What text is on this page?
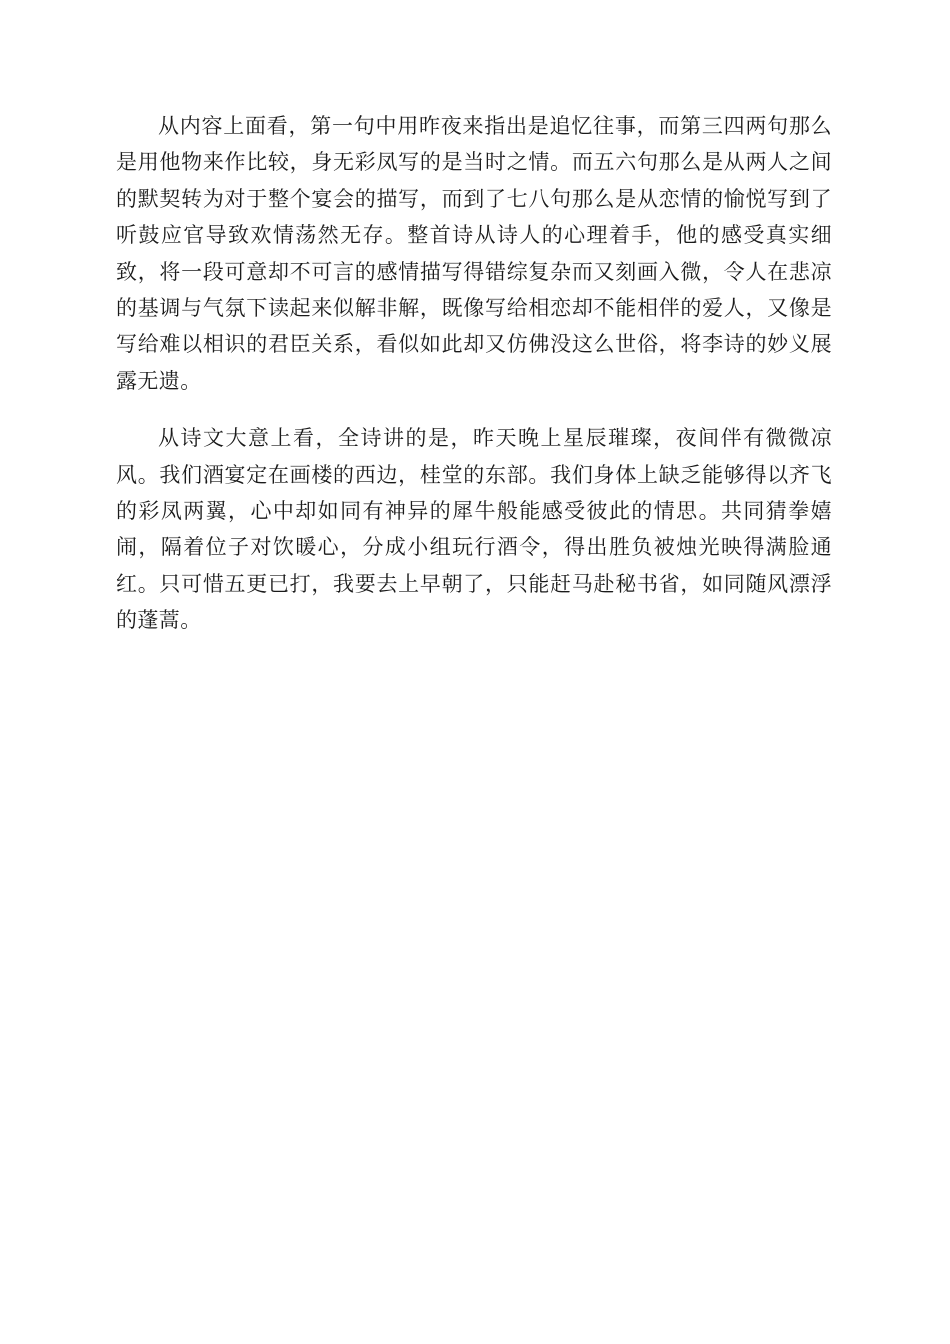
从内容上面看，第一句中用昨夜来指出是追忆往事，而第三四两句那么是用他物来作比较，身无彩凤写的是当时之情。而五六句那么是从两人之间的默契转为对于整个宴会的描写，而到了七八句那么是从恋情的愉悦写到了听鼓应官导致欢情荡然无存。整首诗从诗人的心理着手，他的感受真实细致，将一段可意却不可言的感情描写得错综复杂而又刻画入微，令人在悲凉的基调与气氛下读起来似解非解，既像写给相恋却不能相伴的爱人，又像是写给难以相识的君臣关系，看似如此却又仿佛没这么世俗，将李诗的妙义展露无遗。

从诗文大意上看，全诗讲的是，昨天晚上星辰璀璨，夜间伴有微微凉风。我们酒宴定在画楼的西边，桂堂的东部。我们身体上缺乏能够得以齐飞的彩凤两翼，心中却如同有神异的犀牛般能感受彼此的情思。共同猜拳嬉闹，隔着位子对饮暖心，分成小组玩行酒令，得出胜负被烛光映得满脸通红。只可惜五更已打，我要去上早朝了，只能赶马赴秘书省，如同随风漂浮的蓬蒿。
